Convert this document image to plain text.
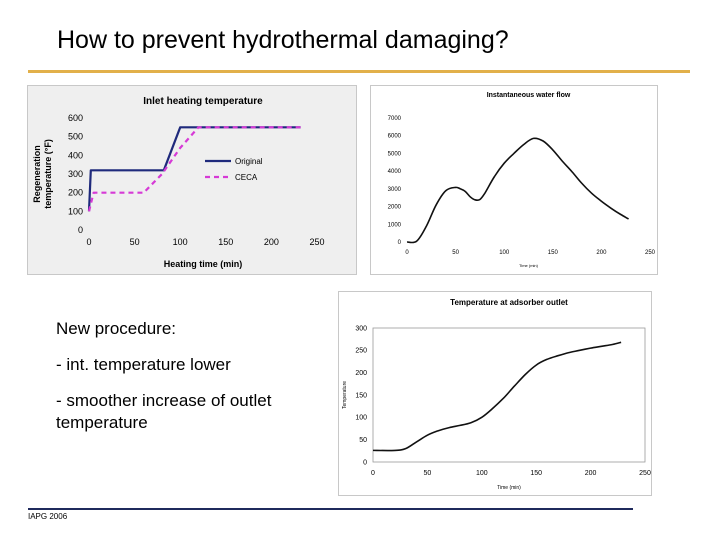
How to prevent hydrothermal damaging?
Inlet heating temperature
0	50	100	150	200	250
0
100
200
300
400
500
600
Heating time (min)
Regeneration temperature (°F)	Original
CECA
Instantaneous water flow
0	50	100	150	200	250
0
1000
2000
3000
4000
5000
6000
7000
Time (min)
Temperature at adsorber outlet
0	50	100	150	200	250
0
50
100
150
200
250
300
Time (min)
Temperature

New procedure:

- int. temperature lower

- smoother increase of outlet temperature

IAPG 2006
